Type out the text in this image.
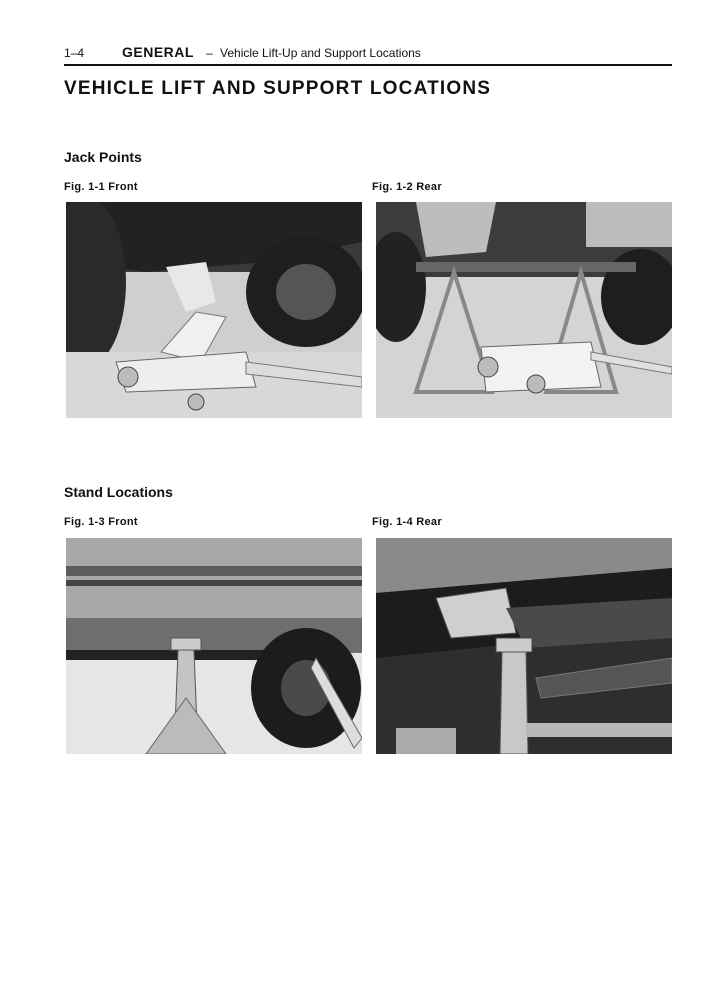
1–4	GENERAL – Vehicle Lift-Up and Support Locations
VEHICLE LIFT AND SUPPORT LOCATIONS
Jack Points
Fig. 1-1 Front	Fig. 1-2 Rear
Stand Locations
Fig. 1-3 Front	Fig. 1-4 Rear
